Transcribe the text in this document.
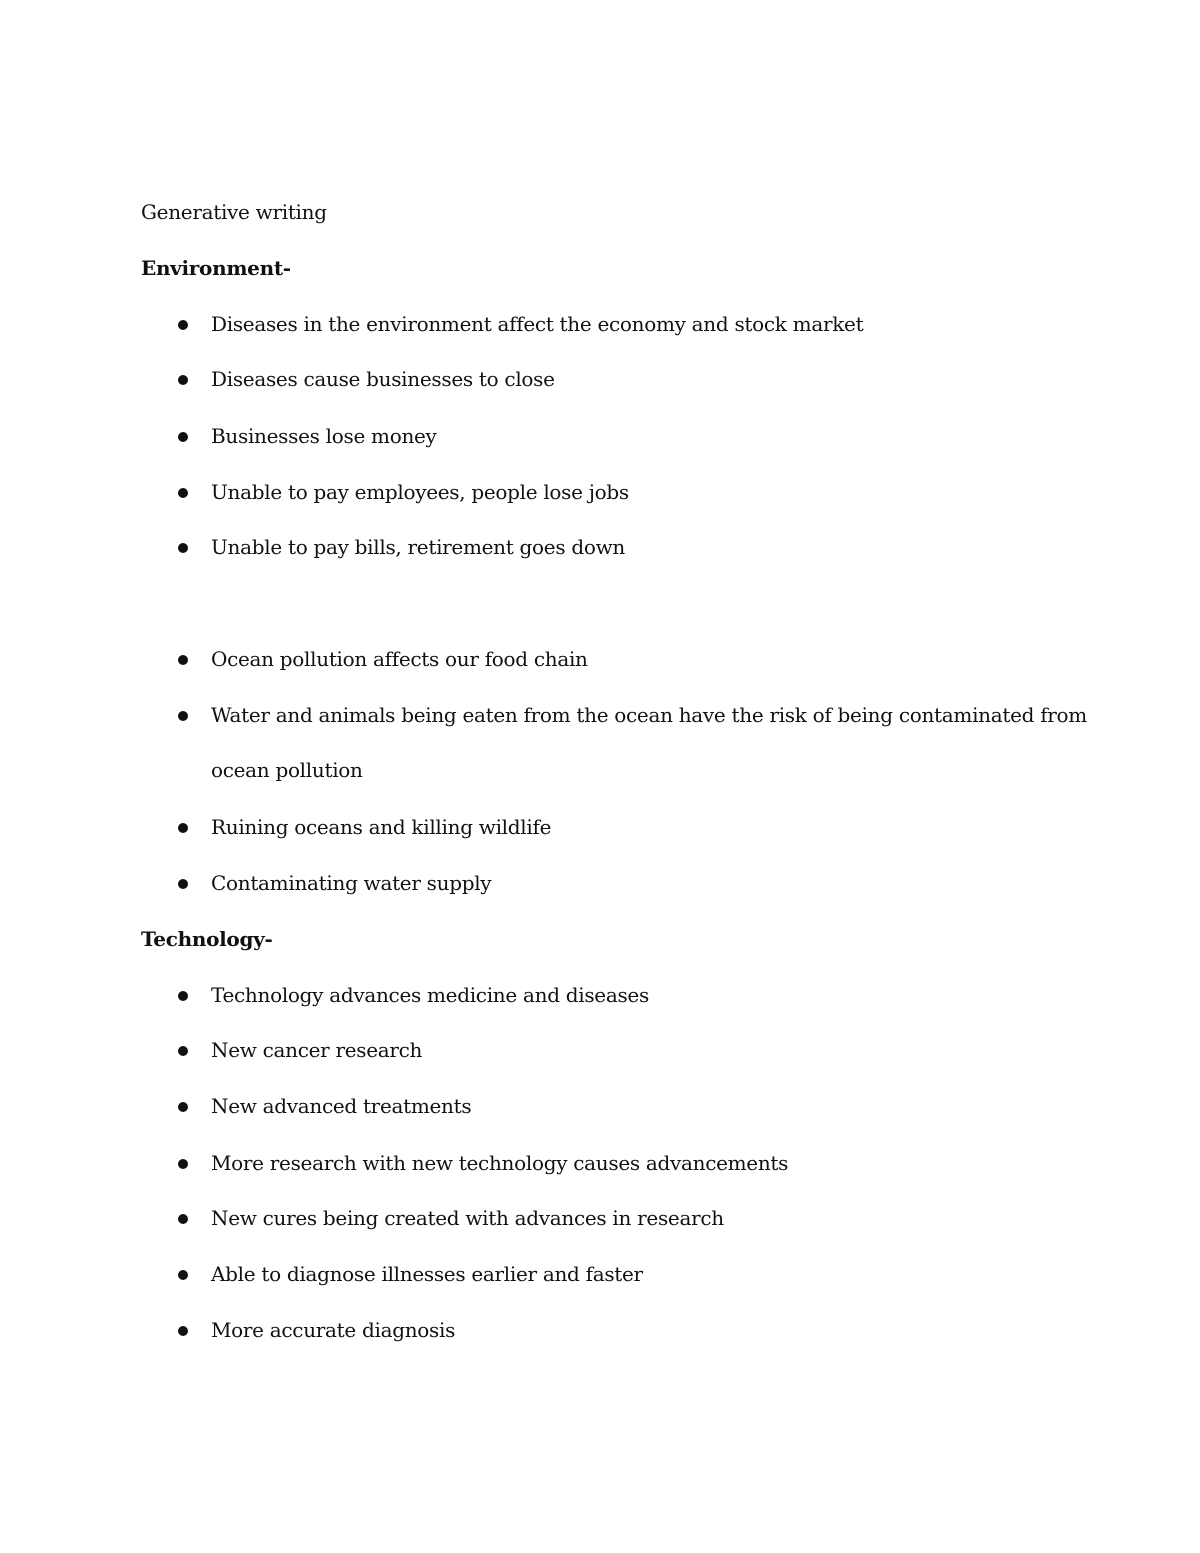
Generative writing
Environment-
Diseases in the environment affect the economy and stock market
Diseases cause businesses to close
Businesses lose money
Unable to pay employees, people lose jobs
Unable to pay bills, retirement goes down
Ocean pollution affects our food chain
Water and animals being eaten from the ocean have the risk of being contaminated from
ocean pollution
Ruining oceans and killing wildlife
Contaminating water supply
Technology-
Technology advances medicine and diseases
New cancer research
New advanced treatments
More research with new technology causes advancements
New cures being created with advances in research
Able to diagnose illnesses earlier and faster
More accurate diagnosis
